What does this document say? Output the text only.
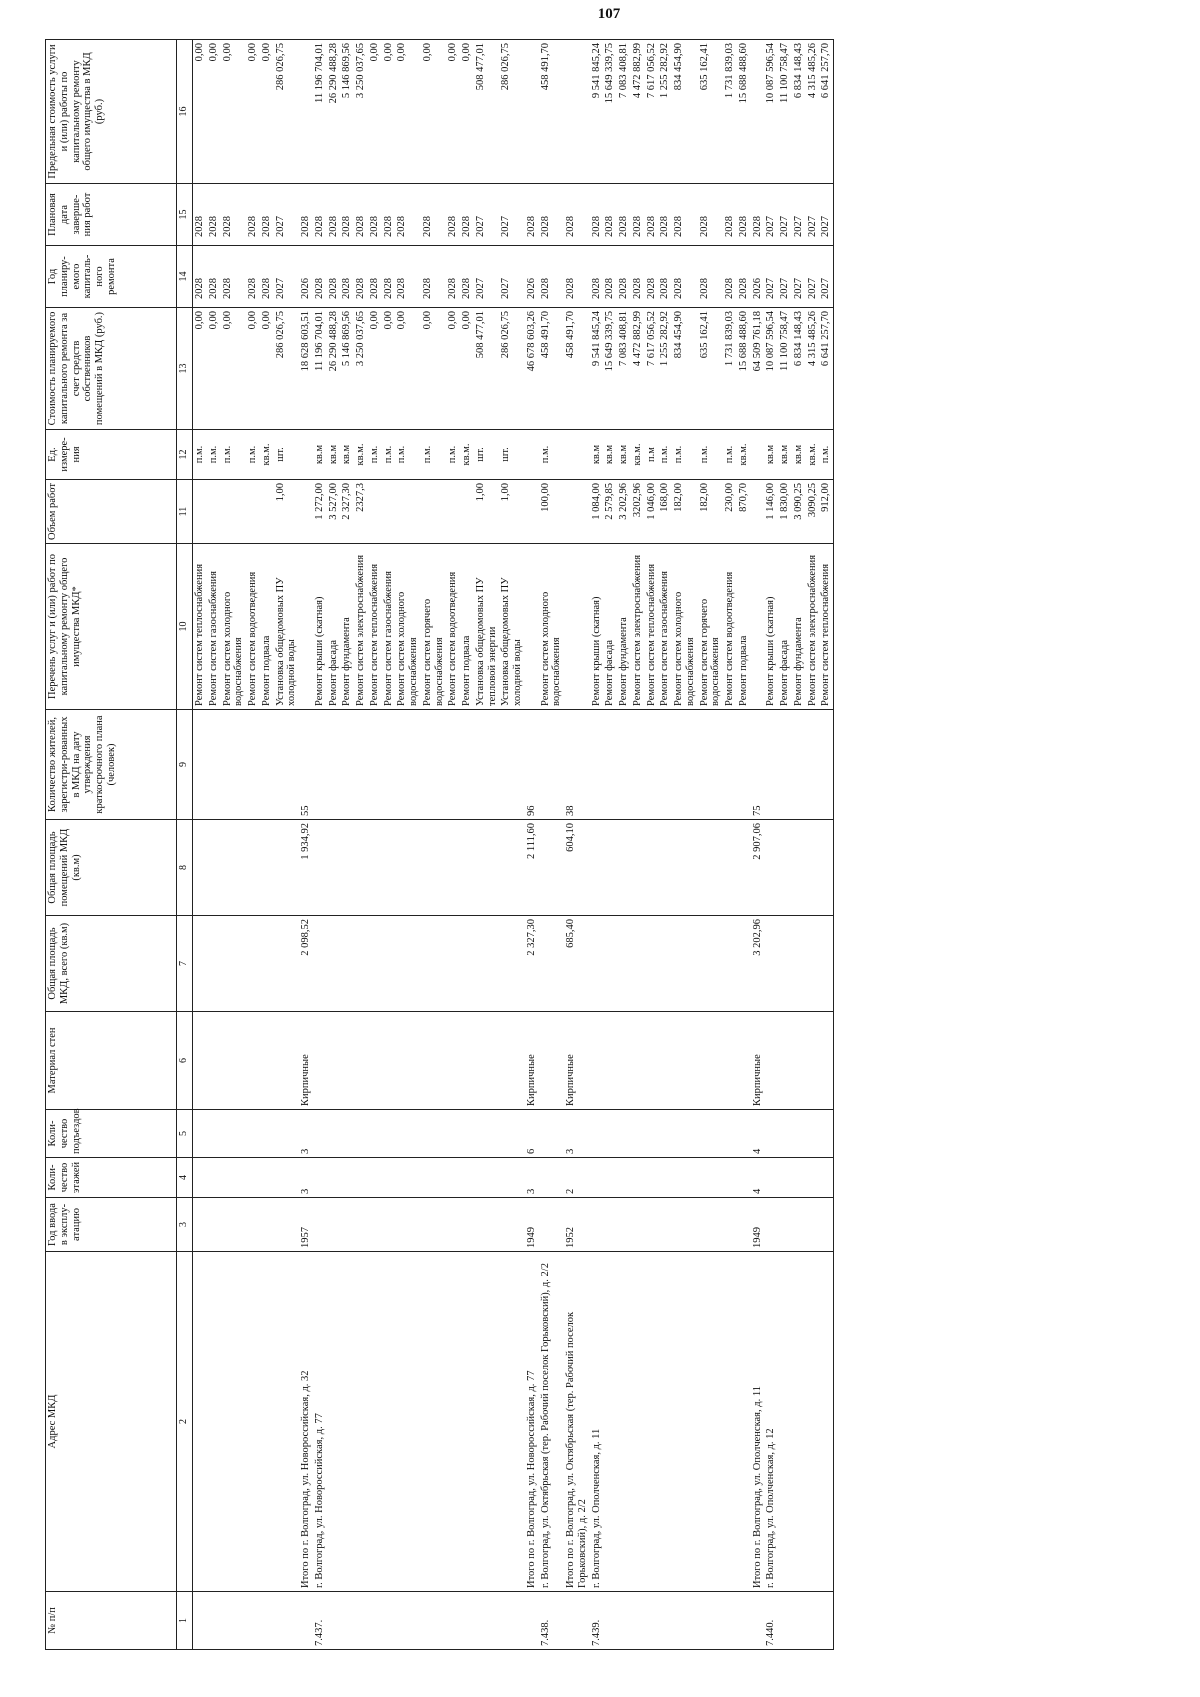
107
№ п/п	Адрес МКД	Год ввода в эксплу-атацию	Коли-чество этажей	Коли-чество подъездов	Материал стен	Общая площадь МКД, всего (кв.м)	Общая площадь помещений МКД (кв.м)	Количество жителей, зарегистри-рованных в МКД на дату утверждения краткосрочного плана (человек)	Перечень услуг и (или) работ по капитальному ремонту общего имущества МКД*	Объем работ	Ед. измере-ния	Стоимость планируемого капитального ремонта за счет средств собственников помещений в МКД (руб.)	Год планиру-емого капиталь-ного ремонта	Плановая дата заверше-ния работ	Предельная стоимость услуги и (или) работы по капитальному ремонту общего имущества в МКД (руб.)
1	2	3	4	5	6	7	8	9	10	11	12	13	14	15	16
									Ремонт систем теплоснабжения		п.м.	0,00	2028	2028	0,00
									Ремонт систем газоснабжения		п.м.	0,00	2028	2028	0,00
									Ремонт систем холодного водоснабжения		п.м.	0,00	2028	2028	0,00
									Ремонт систем водоотведения		п.м.	0,00	2028	2028	0,00
									Ремонт подвала		кв.м.	0,00	2028	2028	0,00
									Установка общедомовых ПУ холодной воды	1,00	шт.	286 026,75	2027	2027	286 026,75
	Итого по г. Волгоград, ул. Новороссийская, д. 32	1957	3	3	Кирпичные	2 098,52	1 934,92	55				18 628 603,51	2026	2028	
7.437.	г. Волгоград, ул. Новороссийская, д. 77								Ремонт крыши (скатная)	1 272,00	кв.м	11 196 704,01	2028	2028	11 196 704,01
									Ремонт фасада	3 527,00	кв.м	26 290 488,28	2028	2028	26 290 488,28
									Ремонт фундамента	2 327,30	кв.м	5 146 869,56	2028	2028	5 146 869,56
									Ремонт систем электроснабжения	2327,3	кв.м.	3 250 037,65	2028	2028	3 250 037,65
									Ремонт систем теплоснабжения		п.м.	0,00	2028	2028	0,00
									Ремонт систем газоснабжения		п.м.	0,00	2028	2028	0,00
									Ремонт систем холодного водоснабжения		п.м.	0,00	2028	2028	0,00
									Ремонт систем горячего водоснабжения		п.м.	0,00	2028	2028	0,00
									Ремонт систем водоотведения		п.м.	0,00	2028	2028	0,00
									Ремонт подвала		кв.м.	0,00	2028	2028	0,00
									Установка общедомовых ПУ тепловой энергии	1,00	шт.	508 477,01	2027	2027	508 477,01
									Установка общедомовых ПУ холодной воды	1,00	шт.	286 026,75	2027	2027	286 026,75
	Итого по г. Волгоград, ул. Новороссийская, д. 77	1949	3	6	Кирпичные	2 327,30	2 111,60	96				46 678 603,26	2026	2028	
7.438.	г. Волгоград, ул. Октябрьская (тер. Рабочий поселок Горьковский), д. 2/2								Ремонт систем холодного водоснабжения	100,00	п.м.	458 491,70	2028	2028	458 491,70
	Итого по г. Волгоград, ул. Октябрьская (тер. Рабочий поселок Горьковский), д. 2/2	1952	2	3	Кирпичные	685,40	604,10	38				458 491,70	2028	2028	
7.439.	г. Волгоград, ул. Ополченская, д. 11								Ремонт крыши (скатная)	1 084,00	кв.м	9 541 845,24	2028	2028	9 541 845,24
									Ремонт фасада	2 579,85	кв.м	15 649 339,75	2028	2028	15 649 339,75
									Ремонт фундамента	3 202,96	кв.м	7 083 408,81	2028	2028	7 083 408,81
									Ремонт систем электроснабжения	3202,96	кв.м.	4 472 882,99	2028	2028	4 472 882,99
									Ремонт систем теплоснабжения	1 046,00	п.м	7 617 056,52	2028	2028	7 617 056,52
									Ремонт систем газоснабжения	168,00	п.м.	1 255 282,92	2028	2028	1 255 282,92
									Ремонт систем холодного водоснабжения	182,00	п.м.	834 454,90	2028	2028	834 454,90
									Ремонт систем горячего водоснабжения	182,00	п.м.	635 162,41	2028	2028	635 162,41
									Ремонт систем водоотведения	230,00	п.м.	1 731 839,03	2028	2028	1 731 839,03
									Ремонт подвала	870,70	кв.м.	15 688 488,60	2028	2028	15 688 488,60
	Итого по г. Волгоград, ул. Ополченская, д. 11	1949	4	4	Кирпичные	3 202,96	2 907,06	75				64 509 761,18	2026	2028	
7.440.	г. Волгоград, ул. Ополченская, д. 12								Ремонт крыши (скатная)	1 146,00	кв.м	10 087 596,54	2027	2027	10 087 596,54
									Ремонт фасада	1 830,00	кв.м	11 100 758,47	2027	2027	11 100 758,47
									Ремонт фундамента	3 090,25	кв.м	6 834 148,43	2027	2027	6 834 148,43
									Ремонт систем электроснабжения	3090,25	кв.м.	4 315 485,26	2027	2027	4 315 485,26
									Ремонт систем теплоснабжения	912,00	п.м.	6 641 257,70	2027	2027	6 641 257,70
